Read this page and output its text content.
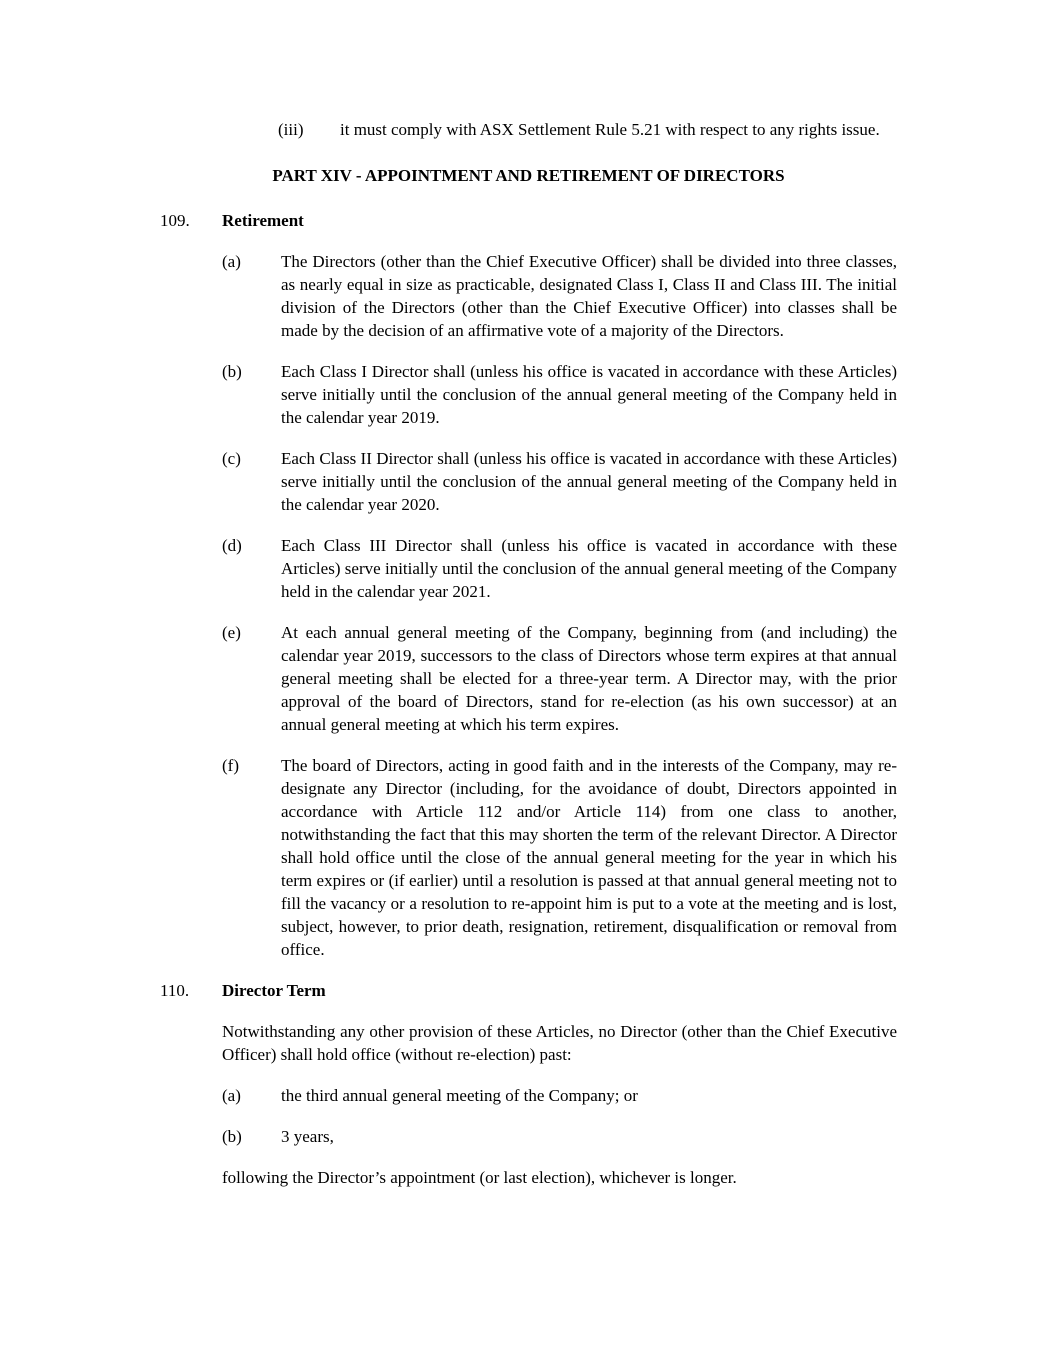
(iii)	it must comply with ASX Settlement Rule 5.21 with respect to any rights issue.
PART XIV - APPOINTMENT AND RETIREMENT OF DIRECTORS
109.	Retirement
(a)	The Directors (other than the Chief Executive Officer) shall be divided into three classes, as nearly equal in size as practicable, designated Class I, Class II and Class III. The initial division of the Directors (other than the Chief Executive Officer) into classes shall be made by the decision of an affirmative vote of a majority of the Directors.
(b)	Each Class I Director shall (unless his office is vacated in accordance with these Articles) serve initially until the conclusion of the annual general meeting of the Company held in the calendar year 2019.
(c)	Each Class II Director shall (unless his office is vacated in accordance with these Articles) serve initially until the conclusion of the annual general meeting of the Company held in the calendar year 2020.
(d)	Each Class III Director shall (unless his office is vacated in accordance with these Articles) serve initially until the conclusion of the annual general meeting of the Company held in the calendar year 2021.
(e)	At each annual general meeting of the Company, beginning from (and including) the calendar year 2019, successors to the class of Directors whose term expires at that annual general meeting shall be elected for a three-year term. A Director may, with the prior approval of the board of Directors, stand for re-election (as his own successor) at an annual general meeting at which his term expires.
(f)	The board of Directors, acting in good faith and in the interests of the Company, may re-designate any Director (including, for the avoidance of doubt, Directors appointed in accordance with Article 112 and/or Article 114) from one class to another, notwithstanding the fact that this may shorten the term of the relevant Director. A Director shall hold office until the close of the annual general meeting for the year in which his term expires or (if earlier) until a resolution is passed at that annual general meeting not to fill the vacancy or a resolution to re-appoint him is put to a vote at the meeting and is lost, subject, however, to prior death, resignation, retirement, disqualification or removal from office.
110.	Director Term
Notwithstanding any other provision of these Articles, no Director (other than the Chief Executive Officer) shall hold office (without re-election) past:
(a)	the third annual general meeting of the Company; or
(b)	3 years,
following the Director’s appointment (or last election), whichever is longer.
